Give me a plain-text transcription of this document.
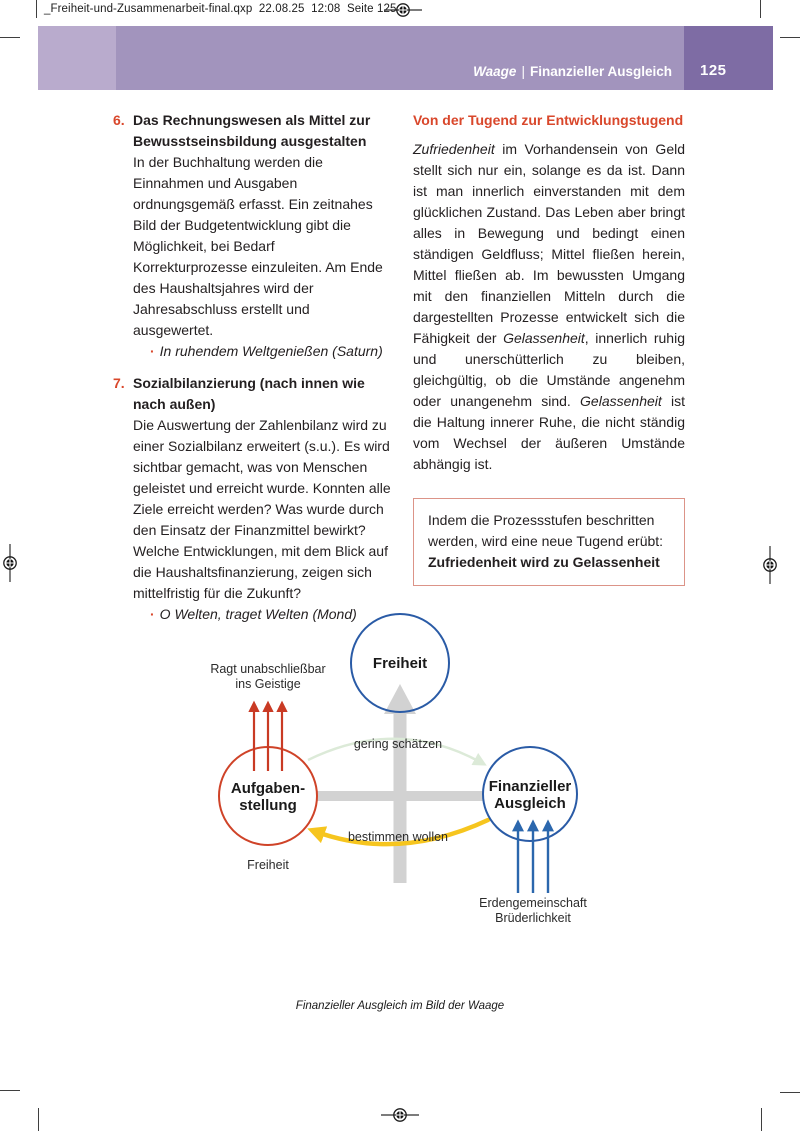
_Freiheit-und-Zusammenarbeit-final.qxp  22.08.25  12:08  Seite 125
Waage | Finanzieller Ausgleich 125
6. Das Rechnungswesen als Mittel zur Bewusstseinsbildung ausgestalten
In der Buchhaltung werden die Einnahmen und Ausgaben ordnungsgemäß erfasst. Ein zeitnahes Bild der Budgetentwicklung gibt die Möglichkeit, bei Bedarf Korrekturprozesse einzuleiten. Am Ende des Haushaltsjahres wird der Jahresabschluss erstellt und ausgewertet.
· In ruhendem Weltgenießen (Saturn)
7. Sozialbilanzierung (nach innen wie nach außen)
Die Auswertung der Zahlenbilanz wird zu einer Sozialbilanz erweitert (s.u.). Es wird sichtbar gemacht, was von Menschen geleistet und erreicht wurde. Konnten alle Ziele erreicht werden? Was wurde durch den Einsatz der Finanzmittel bewirkt? Welche Entwicklungen, mit dem Blick auf die Haushaltsfinanzierung, zeigen sich mittelfristig für die Zukunft?
· O Welten, traget Welten (Mond)
Von der Tugend zur Entwicklungstugend

Zufriedenheit im Vorhandensein von Geld stellt sich nur ein, solange es da ist. Dann ist man innerlich einverstanden mit dem glücklichen Zustand. Das Leben aber bringt alles in Bewegung und bedingt einen ständigen Geldfluss; Mittel fließen herein, Mittel fließen ab. Im bewussten Umgang mit den finanziellen Mitteln durch die dargestellten Prozesse entwickelt sich die Fähigkeit der Gelassenheit, innerlich ruhig und unerschütterlich zu bleiben, gleichgültig, ob die Umstände angenehm oder unangenehm sind. Gelassenheit ist die Haltung innerer Ruhe, die nicht ständig vom Wechsel der äußeren Umstände abhängig ist.

Indem die Prozessstufen beschritten werden, wird eine neue Tugend erübt:
Zufriedenheit wird zu Gelassenheit
Freiheit
Aufgaben-
stellung
Finanzieller
Ausgleich
Ragt unabschließbar
ins Geistige
Freiheit
Erdengemeinschaft
Brüderlichkeit
gering schätzen
bestimmen wollen
Finanzieller Ausgleich im Bild der Waage
